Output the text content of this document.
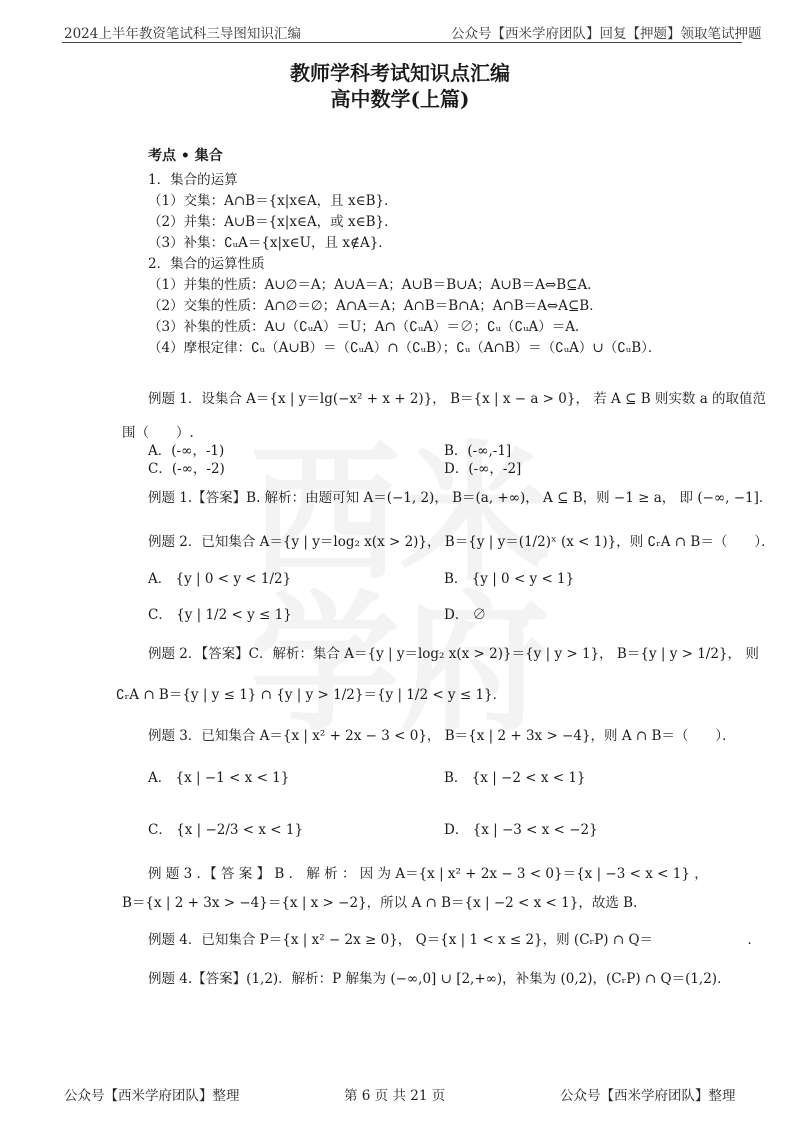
2024上半年教资笔试科三导图知识汇编	公众号【西米学府团队】回复【押题】领取笔试押题
教师学科考试知识点汇编
高中数学(上篇)
考点 • 集合
1．集合的运算
（1）交集：A∩B＝{x|x∈A，且 x∈B}．
（2）并集：A∪B＝{x|x∈A，或 x∈B}．
（3）补集：∁ᵤA＝{x|x∈U，且 x∉A}．
2．集合的运算性质
（1）并集的性质：A∪∅＝A；A∪A＝A；A∪B＝B∪A；A∪B＝A⇔B⊆A．
（2）交集的性质：A∩∅＝∅；A∩A＝A；A∩B＝B∩A；A∩B＝A⇔A⊆B．
（3）补集的性质：A∪（∁ᵤA）＝U；A∩（∁ᵤA）＝∅；∁ᵤ（∁ᵤA）＝A．
（4）摩根定律：∁ᵤ（A∪B）＝（∁ᵤA）∩（∁ᵤB）；∁ᵤ（A∩B）＝（∁ᵤA）∪（∁ᵤB）．
例题 1．设集合 A＝{x | y＝lg(−x² + x + 2)}， B＝{x | x − a > 0}， 若 A ⊆ B 则实数 a 的取值范
围（　　）.
A．(-∞，-1)	B．(-∞,-1]
C．(-∞，-2)	D．(-∞，-2]
例题 1.【答案】B. 解析：由题可知 A＝(−1, 2)， B＝(a, +∞)， A ⊆ B，则 −1 ≥ a， 即 (−∞, −1]．
例题 2．已知集合 A＝{y | y＝log₂ x(x > 2)}， B＝{y | y＝(1/2)ˣ (x < 1)}，则 ∁ᵣA ∩ B＝（　　）．
A． {y | 0 < y < 1/2}	B． {y | 0 < y < 1}
C． {y | 1/2 < y ≤ 1}	D． ∅
例题 2．【答案】C．解析：集合 A＝{y | y＝log₂ x(x > 2)}＝{y | y > 1}， B＝{y | y > 1/2}， 则
∁ᵣA ∩ B＝{y | y ≤ 1} ∩ {y | y > 1/2}＝{y | 1/2 < y ≤ 1}．
例题 3．已知集合 A＝{x | x² + 2x − 3 < 0}， B＝{x | 2 + 3x > −4}，则 A ∩ B＝（　　）．
A． {x | −1 < x < 1}	B． {x | −2 < x < 1}
C． {x | −2/3 < x < 1}	D． {x | −3 < x < −2}
例 题 3 ．【 答 案 】 B ． 解 析 ： 因 为 A＝{x | x² + 2x − 3 < 0}＝{x | −3 < x < 1} ，
B＝{x | 2 + 3x > −4}＝{x | x > −2}，所以 A ∩ B＝{x | −2 < x < 1}，故选 B.
例题 4．已知集合 P＝{x | x² − 2x ≥ 0}， Q＝{x | 1 < x ≤ 2}，则 (CᵣP) ∩ Q＝　　　　　　　．
例题 4.【答案】(1,2)．解析：P 解集为 (−∞,0] ∪ [2,+∞)，补集为 (0,2)，(CᵣP) ∩ Q＝(1,2)．
公众号【西米学府团队】整理	第 6 页 共 21 页	公众号【西米学府团队】整理
